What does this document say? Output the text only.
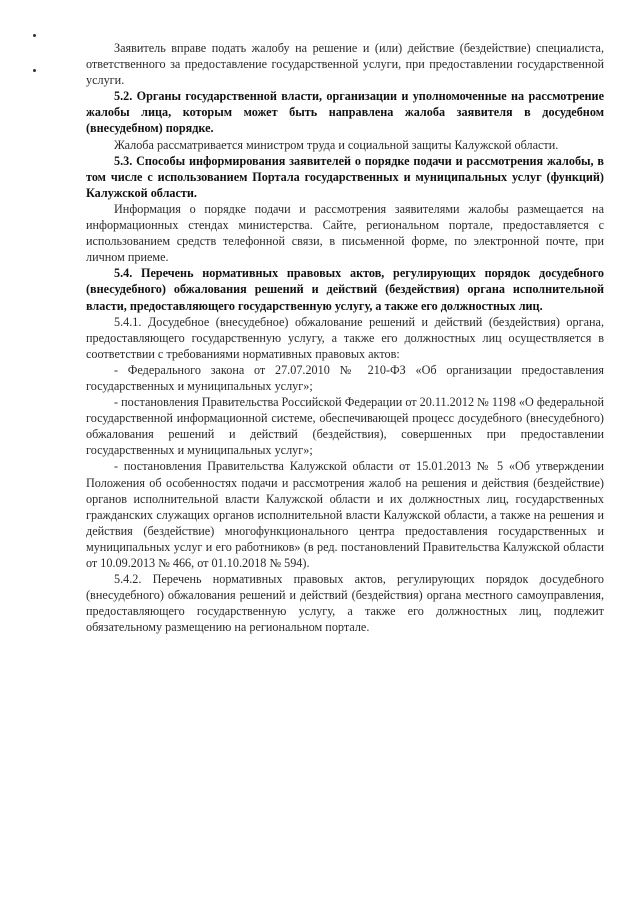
Заявитель вправе подать жалобу на решение и (или) действие (бездействие) специалиста, ответственного за предоставление государственной услуги, при предоставлении государственной услуги.

5.2. Органы государственной власти, организации и уполномоченные на рассмотрение жалобы лица, которым может быть направлена жалоба заявителя в досудебном (внесудебном) порядке.

Жалоба рассматривается министром труда и социальной защиты Калужской области.

5.3. Способы информирования заявителей о порядке подачи и рассмотрения жалобы, в том числе с использованием Портала государственных и муниципальных услуг (функций) Калужской области.

Информация о порядке подачи и рассмотрения заявителями жалобы размещается на информационных стендах министерства. Сайте, региональном портале, предоставляется с использованием средств телефонной связи, в письменной форме, по электронной почте, при личном приеме.

5.4. Перечень нормативных правовых актов, регулирующих порядок досудебного (внесудебного) обжалования решений и действий (бездействия) органа исполнительной власти, предоставляющего государственную услугу, а также его должностных лиц.

5.4.1. Досудебное (внесудебное) обжалование решений и действий (бездействия) органа, предоставляющего государственную услугу, а также его должностных лиц осуществляется в соответствии с требованиями нормативных правовых актов:

- Федерального закона от 27.07.2010 № 210-ФЗ «Об организации предоставления государственных и муниципальных услуг»;

- постановления Правительства Российской Федерации от 20.11.2012 № 1198 «О федеральной государственной информационной системе, обеспечивающей процесс досудебного (внесудебного) обжалования решений и действий (бездействия), совершенных при предоставлении государственных и муниципальных услуг»;

- постановления Правительства Калужской области от 15.01.2013 № 5 «Об утверждении Положения об особенностях подачи и рассмотрения жалоб на решения и действия (бездействие) органов исполнительной власти Калужской области и их должностных лиц, государственных гражданских служащих органов исполнительной власти Калужской области, а также на решения и действия (бездействие) многофункционального центра предоставления государственных и муниципальных услуг и его работников» (в ред. постановлений Правительства Калужской области от 10.09.2013 № 466, от 01.10.2018 № 594).

5.4.2. Перечень нормативных правовых актов, регулирующих порядок досудебного (внесудебного) обжалования решений и действий (бездействия) органа местного самоуправления, предоставляющего государственную услугу, а также его должностных лиц, подлежит обязательному размещению на региональном портале.
